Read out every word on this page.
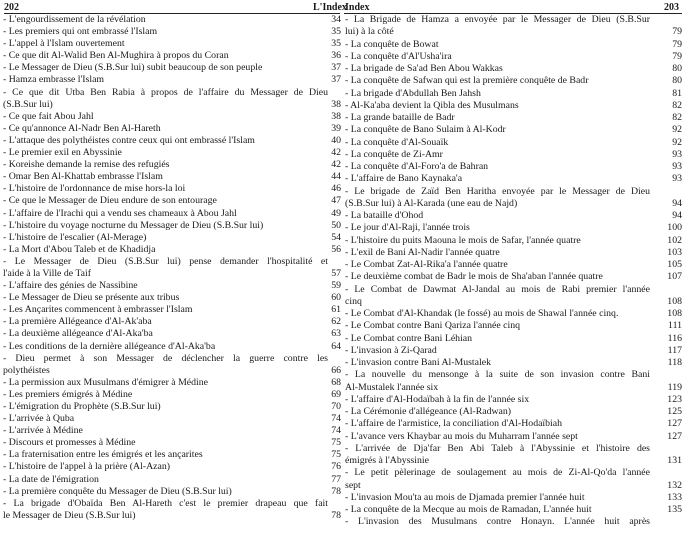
202	L'Index
Index	203
- L'engourdissement de la révélation	34
- Les premiers qui ont embrassé l'Islam	35
- L'appel à l'Islam ouvertement	35
- Ce que dit Al-Walid Ben Al-Mughira à propos du Coran	36
- Le Messager de Dieu (S.B.Sur lui) subit beaucoup de son peuple	37
- Hamza embrasse l'Islam	37
- Ce que dit Utba Ben Rabia à propos de l'affaire du Messager de Dieu
(S.B.Sur lui)	38
- Ce que fait Abou Jahl	38
- Ce qu'annonce Al-Nadr Ben Al-Hareth	39
- L'attaque des polythéistes contre ceux qui ont embrassé l'Islam	40
- Le premier exil en Abyssinie	42
- Koreishe demande la remise des refugiés	42
- Omar Ben Al-Khattab embrasse l'Islam	44
- L'histoire de l'ordonnance de mise hors-la loi	46
- Ce que le Messager de Dieu endure de son entourage	47
- L'affaire de l'Irachi qui a vendu ses chameaux à Abou Jahl	49
- L'histoire du voyage nocturne du Messager de Dieu (S.B.Sur lui)	50
- L'histoire de l'escalier (Al-Merage)	54
- La Mort d'Abou Taleb et de Khadidja	56
- Le Messager de Dieu (S.B.Sur lui) pense demander l'hospitalité et
l'aide à la Ville de Taif	57
- L'affaire des génies de Nassibine	59
- Le Messager de Dieu se présente aux tribus	60
- Les Ançarites commencent à embrasser l'Islam	61
- La première Allégeance d'Al-Ak'aba	62
- La deuxième allégeance d'Al-Aka'ba	63
- Les conditions de la dernière allégeance d'Al-Aka'ba	64
- Dieu permet à son Messager de déclencher la guerre contre les
polythéistes	66
- La permission aux Musulmans d'émigrer à Médine	68
- Les premiers émigrés à Médine	69
- L'émigration du Prophète (S.B.Sur lui)	70
- L'arrivée à Quba	74
- L'arrivée à Médine	74
- Discours et promesses à Médine	75
- La fraternisation entre les émigrés et les ançarites	75
- L'histoire de l'appel à la prière (Al-Azan)	76
- La date de l'émigration	77
- La première conquête du Messager de Dieu (S.B.Sur lui)	78
- La brigade d'Obaïda Ben Al-Hareth c'est le premier drapeau que fait
le Messager de Dieu (S.B.Sur lui)	78
- La Brigade de Hamza a envoyée par le Messager de Dieu (S.B.Sur
lui) à la côté	79
- La conquête de Bowat	79
- La conquête d'Al'Usha'ira	79
- La brigade de Sa'ad Ben Abou Wakkas	80
- La conquête de Safwan qui est la première conquête de Badr	80
- La brigade d'Abdullah Ben Jahsh	81
- Al-Ka'aba devient la Qibla des Musulmans	82
- La grande bataille de Badr	82
- La conquête de Bano Sulaim à Al-Kodr	92
- La conquête d'Al-Souaïk	92
- La conquête de Zi-Amr	93
- La conquête d'Al-Foro'a de Bahran	93
- L'affaire de Bano Kaynaka'a	93
- Le brigade de Zaïd Ben Haritha envoyée par le Messager de Dieu
(S.B.Sur lui) à Al-Karada (une eau de Najd)	94
- La bataille d'Ohod	94
- Le jour d'Al-Raji, l'année trois	100
- L'histoire du puits Maouna le mois de Safar, l'année quatre	102
- L'exil de Bani Al-Nadir l'année quatre	103
- Le Combat Zat-Al-Rika'a l'année quatre	105
- Le deuxième combat de Badr le mois de Sha'aban l'année quatre	107
- Le Combat de Dawmat Al-Jandal au mois de Rabi premier l'année
cinq	108
- Le Combat d'Al-Khandak (le fossé) au mois de Shawal l'année cinq.	108
- Le Combat contre Bani Qariza l'année cinq	111
- Le Combat contre Bani Léhian	116
- L'invasion à Zi-Qarad	117
- L'invasion contre Bani Al-Mustalek	118
- La nouvelle du mensonge à la suite de son invasion contre Bani
Al-Mustalek l'année six	119
- L'affaire d'Al-Hodaïbah à la fin de l'année six	123
- La Cérémonie d'allégeance (Al-Radwan)	125
- L'affaire de l'armistice, la conciliation d'Al-Hodaïbiah	127
- L'avance vers Khaybar au mois du Muharram l'année sept	127
- L'arrivée de Dja'far Ben Abi Taleb à l'Abyssinie et l'histoire des
émigrés à l'Abyssinie	131
- Le petit pèlerinage de soulagement au mois de Zi-Al-Qo'da l'année
sept	132
- L'invasion Mou'ta au mois de Djamada premier l'année huit	133
- La conquête de la Mecque au mois de Ramadan, L'année huit	135
- L'invasion des Musulmans contre Honayn. L'année huit après
